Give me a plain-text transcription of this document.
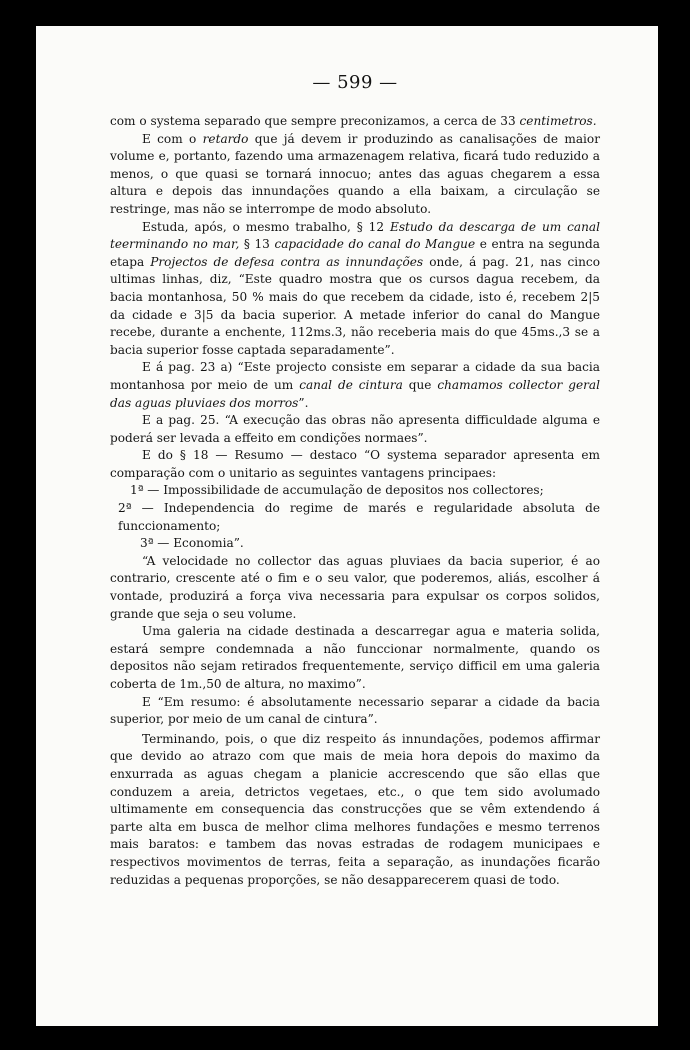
— 599 —

com o systema separado que sempre preconizamos, a cerca de 33 centimetros.

E com o retardo que já devem ir produzindo as canalisações de maior volume e, portanto, fazendo uma armazenagem relativa, ficará tudo reduzido a menos, o que quasi se tornará innocuo; antes das aguas chegarem a essa altura e depois das innundações quando a ella baixam, a circulação se restringe, mas não se interrompe de modo absoluto.

Estuda, após, o mesmo trabalho, § 12 Estudo da descarga de um canal teerminando no mar, § 13 capacidade do canal do Mangue e entra na segunda etapa Projectos de defesa contra as innundações onde, á pag. 21, nas cinco ultimas linhas, diz, “Este quadro mostra que os cursos dagua recebem, da bacia montanhosa, 50 % mais do que recebem da cidade, isto é, recebem 2|5 da cidade e 3|5 da bacia superior. A metade inferior do canal do Mangue recebe, durante a enchente, 112ms.3, não receberia mais do que 45ms.,3 se a bacia superior fosse captada separadamente”.

E á pag. 23 a) “Este projecto consiste em separar a cidade da sua bacia montanhosa por meio de um canal de cintura que chamamos collector geral das aguas pluviaes dos morros”.

E a pag. 25. “A execução das obras não apresenta difficuldade alguma e poderá ser levada a effeito em condições normaes”.

E do § 18 — Resumo — destaco “O systema separador apresenta em comparação com o unitario as seguintes vantagens principaes:

1ª — Impossibilidade de accumulação de depositos nos collectores;

2ª — Independencia do regime de marés e regularidade absoluta de funccionamento;

3ª — Economia”.

“A velocidade no collector das aguas pluviaes da bacia superior, é ao contrario, crescente até o fim e o seu valor, que poderemos, aliás, escolher á vontade, produzirá a força viva necessaria para expulsar os corpos solidos, grande que seja o seu volume.

Uma galeria na cidade destinada a descarregar agua e materia solida, estará sempre condemnada a não funccionar normalmente, quando os depositos não sejam retirados frequentemente, serviço difficil em uma galeria coberta de 1m.,50 de altura, no maximo”.

E “Em resumo: é absolutamente necessario separar a cidade da bacia superior, por meio de um canal de cintura”.

Terminando, pois, o que diz respeito ás innundações, podemos affirmar que devido ao atrazo com que mais de meia hora depois do maximo da enxurrada as aguas chegam a planicie accrescendo que são ellas que conduzem a areia, detrictos vegetaes, etc., o que tem sido avolumado ultimamente em consequencia das construcções que se vêm extendendo á parte alta em busca de melhor clima melhores fundações e mesmo terrenos mais baratos: e tambem das novas estradas de rodagem municipaes e respectivos movimentos de terras, feita a separação, as inundações ficarão reduzidas a pequenas proporções, se não desapparecerem quasi de todo.
